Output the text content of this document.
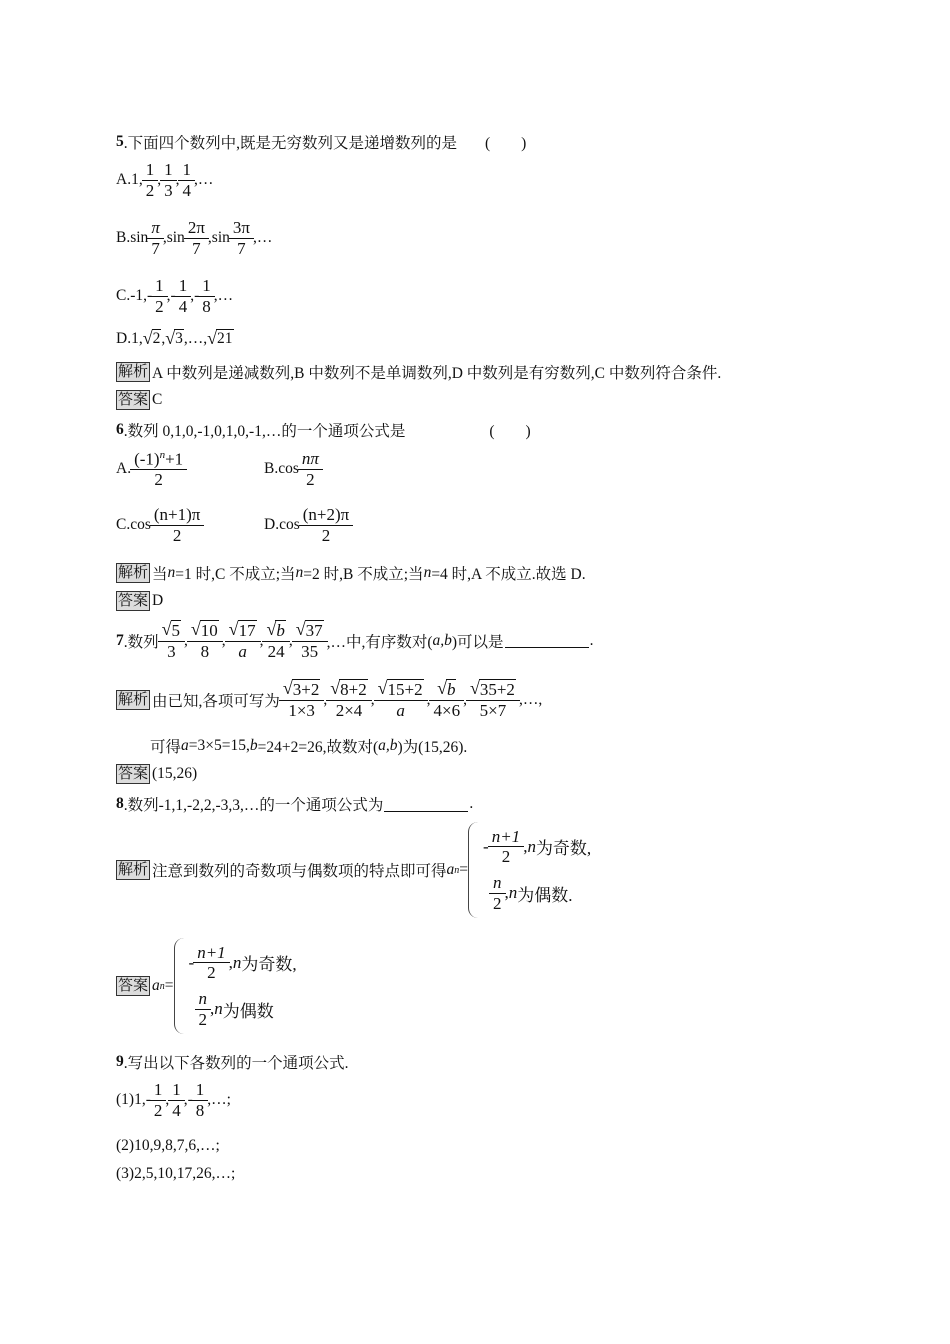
5 .下面四个数列中,既是无穷数列又是递增数列的是 (　　)
A.1, $\frac{1}{2}$ , $\frac{1}{3}$ , $\frac{1}{4}$ ,…
$B.\sin \frac{\pi}{7} ,\sin \frac{2\pi}{7} ,\sin \frac{3\pi}{7}$ ,…
$C.-1,- \frac{1}{2}$ ,- $\frac{1}{4}$ ,- $\frac{1}{8}$ ,…
D.1, √ 2 , √ 3 ,…, √ 21
解析 A 中数列是递减数列,B 中数列不是单调数列,D 中数列是有穷数列,C 中数列符合条件.
答案 C
6 .数列 0,1,0,-1,0,1,0,-1,…的一个通项公式是	(　　)
A. $\frac{(-1)^n+1}{2}$	$B.\cos \frac{n\pi}{2}$
$C.\cos \frac{(n+1)\pi}{2}$	$D.\cos \frac{(n+2)\pi}{2}$
解析 当 n =1 时,C 不成立;当 n =2 时,B 不成立;当 n =4 时,A 不成立.故选 D.
答案 D
7 .数列 $\frac{√ 5}{3}$ , $\frac{√ 10}{8}$ , $\frac{√ 17}{a}$ , $\frac{√ b}{24}$ , $\frac{√ 37}{35}$ ,…中,有序数对( a,b )可以是	.
解析 由已知,各项可写为 $\frac{√ 3+2}{1\times 3}$ , $\frac{√ 8+2}{2\times 4}$ , $\frac{√ 15+2}{a}$ , $\frac{√ b}{4\times 6}$ , $\frac{√ 35+2}{5\times 7}$ ,…,
可得 a =3×5=15, b =24+2=26,故数对( a,b )为(15,26).
答案 (15,26)
8 .数列-1,1,-2,2,-3,3,…的一个通项公式为	.
解析 注意到数列的奇数项与偶数项的特点即可得 a n =
- $\frac{n+1}{2}$ , n 为奇数,
$\frac{n}{2}$ , n 为偶数.
答案 a n =
- $\frac{n+1}{2}$ , n 为奇数,
$\frac{n}{2}$ , n 为偶数
9 .写出以下各数列的一个通项公式.
$(1)1,- \frac{1}{2}$ , $\frac{1}{4}$ ,- $\frac{1}{8}$ ,…;
(2)10,9,8,7,6,…;
(3)2,5,10,17,26,…;
